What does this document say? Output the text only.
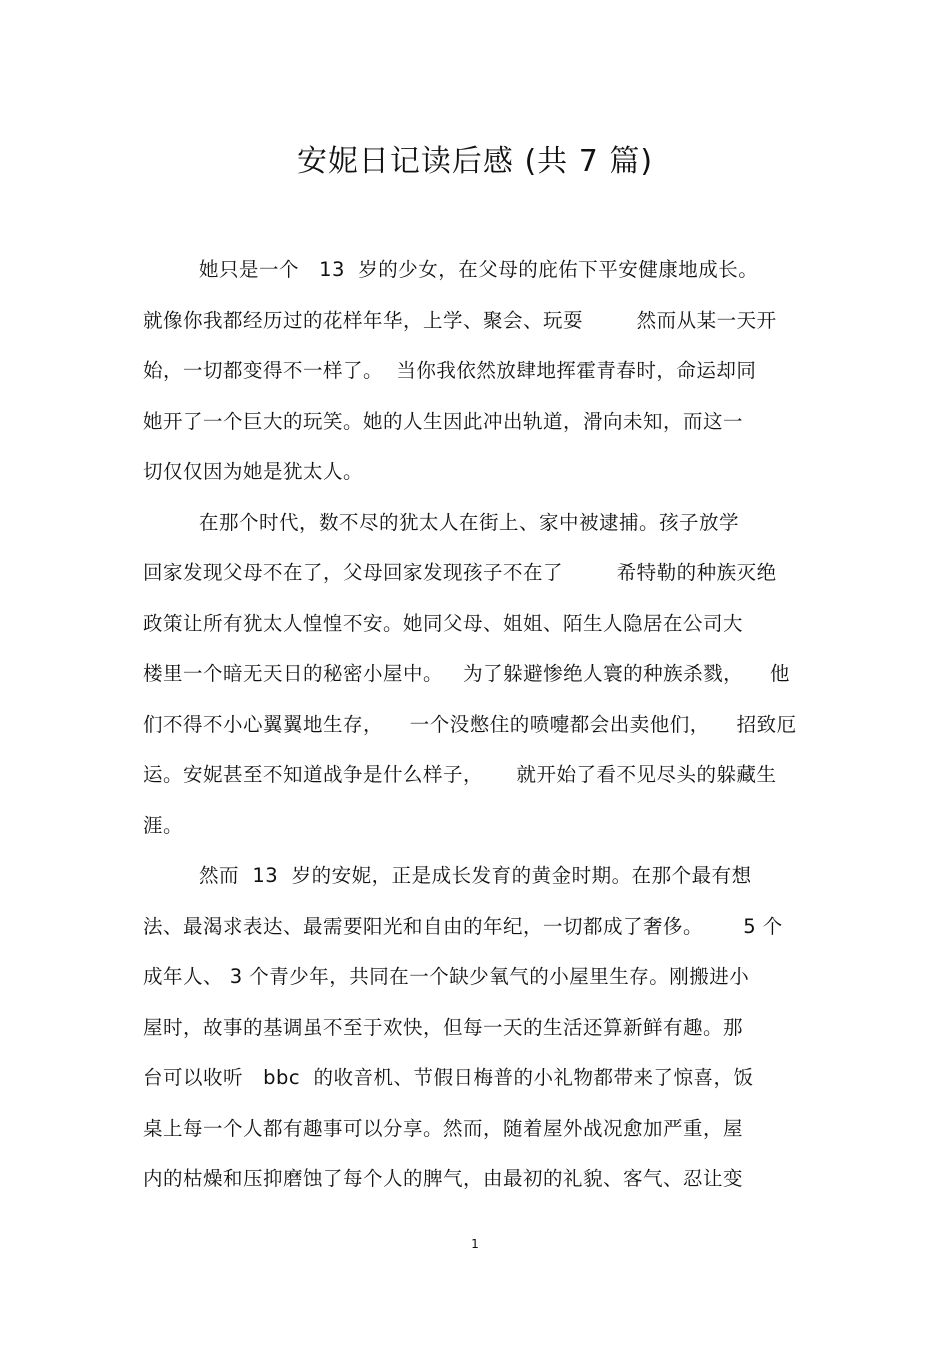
安妮日记读后感 (共 7 篇)
她只是一个   13  岁的少女，在父母的庇佑下平安健康地成长。
就像你我都经历过的花样年华，上学、聚会、玩耍        然而从某一天开
始，一切都变得不一样了。  当你我依然放肆地挥霍青春时，命运却同
她开了一个巨大的玩笑。她的人生因此冲出轨道，滑向未知，而这一
切仅仅因为她是犹太人。
在那个时代，数不尽的犹太人在街上、家中被逮捕。孩子放学
回家发现父母不在了，父母回家发现孩子不在了        希特勒的种族灭绝
政策让所有犹太人惶惶不安。她同父母、姐姐、陌生人隐居在公司大
楼里一个暗无天日的秘密小屋中。   为了躲避惨绝人寰的种族杀戮，    他
们不得不小心翼翼地生存，    一个没憋住的喷嚏都会出卖他们，    招致厄
运。安妮甚至不知道战争是什么样子，     就开始了看不见尽头的躲藏生
涯。
然而  13  岁的安妮，正是成长发育的黄金时期。在那个最有想
法、最渴求表达、最需要阳光和自由的年纪，一切都成了奢侈。      5 个
成年人、 3 个青少年，共同在一个缺少氧气的小屋里生存。刚搬进小
屋时，故事的基调虽不至于欢快，但每一天的生活还算新鲜有趣。那
台可以收听   bbc  的收音机、节假日梅普的小礼物都带来了惊喜，饭
桌上每一个人都有趣事可以分享。然而，随着屋外战况愈加严重，屋
内的枯燥和压抑磨蚀了每个人的脾气，由最初的礼貌、客气、忍让变
1
